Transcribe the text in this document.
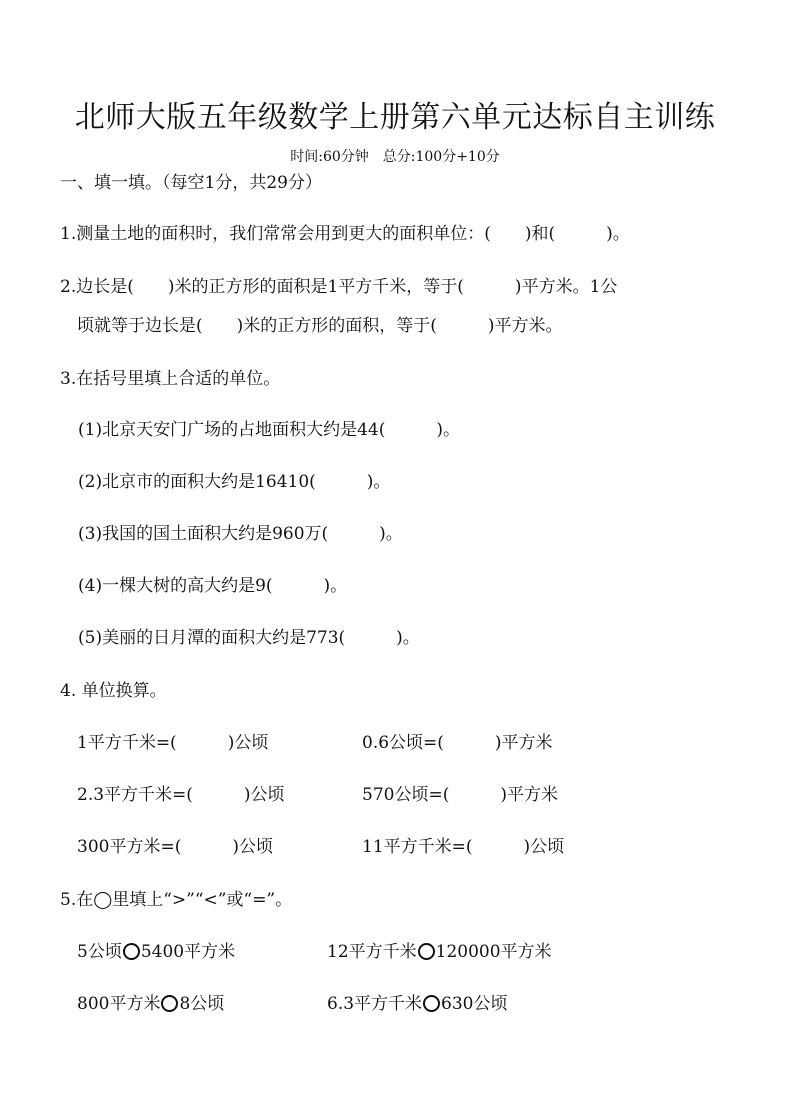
北师大版五年级数学上册第六单元达标自主训练
时间:60分钟　总分:100分+10分
一、填一填。（每空1分，共29分）
1.测量土地的面积时，我们常常会用到更大的面积单位：(　　)和(　　　)。
2.边长是(　　)米的正方形的面积是1平方千米，等于(　　　)平方米。1公
　顷就等于边长是(　　)米的正方形的面积，等于(　　　)平方米。
3.在括号里填上合适的单位。
(1)北京天安门广场的占地面积大约是44(　　　)。
(2)北京市的面积大约是16410(　　　)。
(3)我国的国土面积大约是960万(　　　)。
(4)一棵大树的高大约是9(　　　)。
(5)美丽的日月潭的面积大约是773(　　　)。
4. 单位换算。
1平方千米=(　　　)公顷	0.6公顷=(　　　)平方米
2.3平方千米=(　　　)公顷	570公顷=(　　　)平方米
300平方米=(　　　)公顷	11平方千米=(　　　)公顷
5.在◯里填上“>”“<”或“=”。
5公顷 5400平方米	12平方千米 120000平方米
800平方米 8公顷	6.3平方千米 630公顷
